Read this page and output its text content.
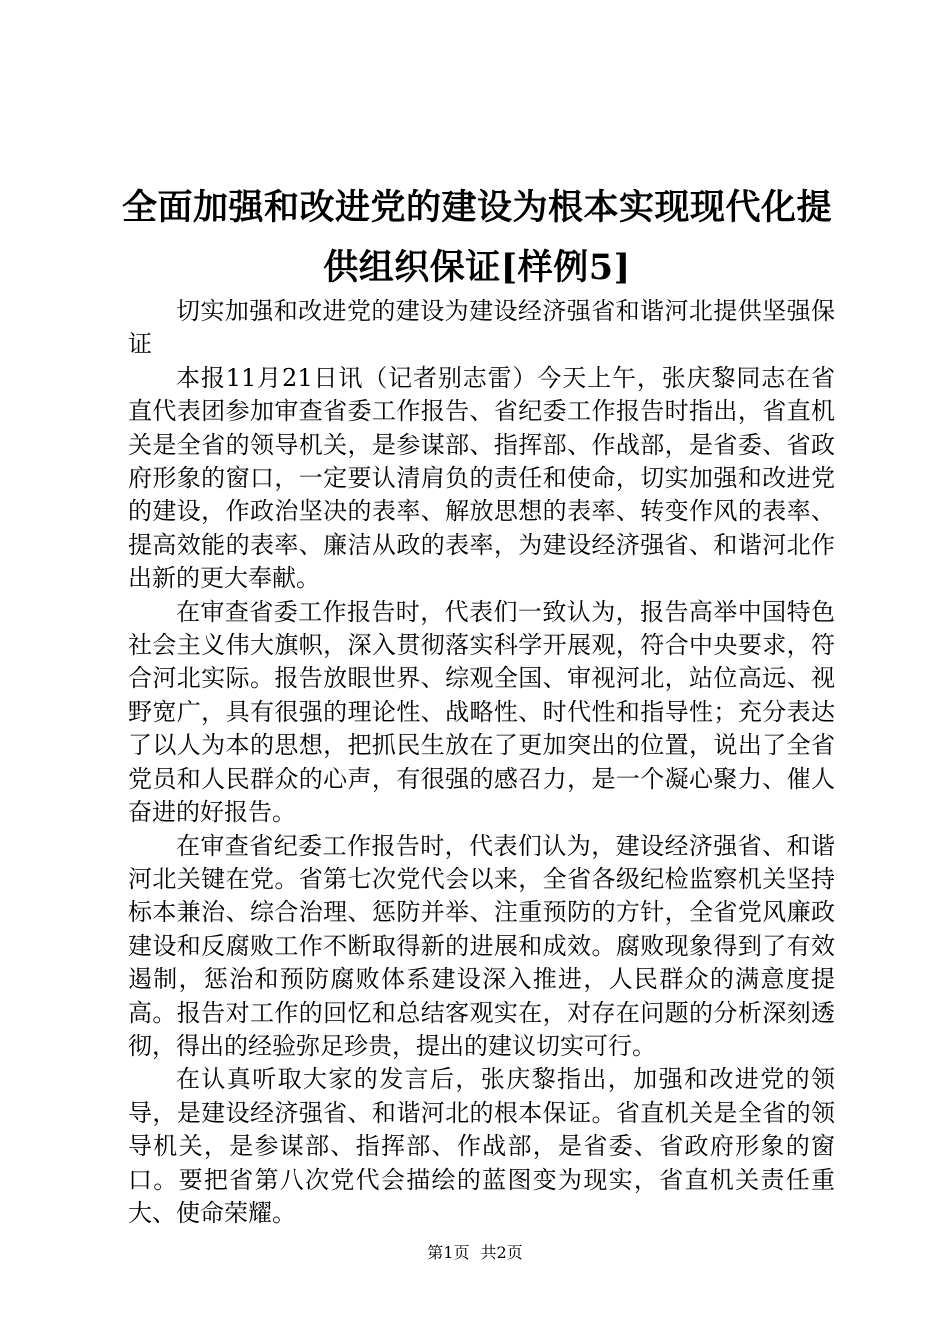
全面加强和改进党的建设为根本实现现代化提供组织保证[样例5]

切实加强和改进党的建设为建设经济强省和谐河北提供坚强保证

本报11月21日讯（记者别志雷）今天上午，张庆黎同志在省直代表团参加审查省委工作报告、省纪委工作报告时指出，省直机关是全省的领导机关，是参谋部、指挥部、作战部，是省委、省政府形象的窗口，一定要认清肩负的责任和使命，切实加强和改进党的建设，作政治坚决的表率、解放思想的表率、转变作风的表率、提高效能的表率、廉洁从政的表率，为建设经济强省、和谐河北作出新的更大奉献。

在审查省委工作报告时，代表们一致认为，报告高举中国特色社会主义伟大旗帜，深入贯彻落实科学开展观，符合中央要求，符合河北实际。报告放眼世界、综观全国、审视河北，站位高远、视野宽广，具有很强的理论性、战略性、时代性和指导性；充分表达了以人为本的思想，把抓民生放在了更加突出的位置，说出了全省党员和人民群众的心声，有很强的感召力，是一个凝心聚力、催人奋进的好报告。

在审查省纪委工作报告时，代表们认为，建设经济强省、和谐河北关键在党。省第七次党代会以来，全省各级纪检监察机关坚持标本兼治、综合治理、惩防并举、注重预防的方针，全省党风廉政建设和反腐败工作不断取得新的进展和成效。腐败现象得到了有效遏制，惩治和预防腐败体系建设深入推进，人民群众的满意度提高。报告对工作的回忆和总结客观实在，对存在问题的分析深刻透彻，得出的经验弥足珍贵，提出的建议切实可行。

在认真听取大家的发言后，张庆黎指出，加强和改进党的领导，是建设经济强省、和谐河北的根本保证。省直机关是全省的领导机关，是参谋部、指挥部、作战部，是省委、省政府形象的窗口。要把省第八次党代会描绘的蓝图变为现实，省直机关责任重大、使命荣耀。

第1页 共2页
